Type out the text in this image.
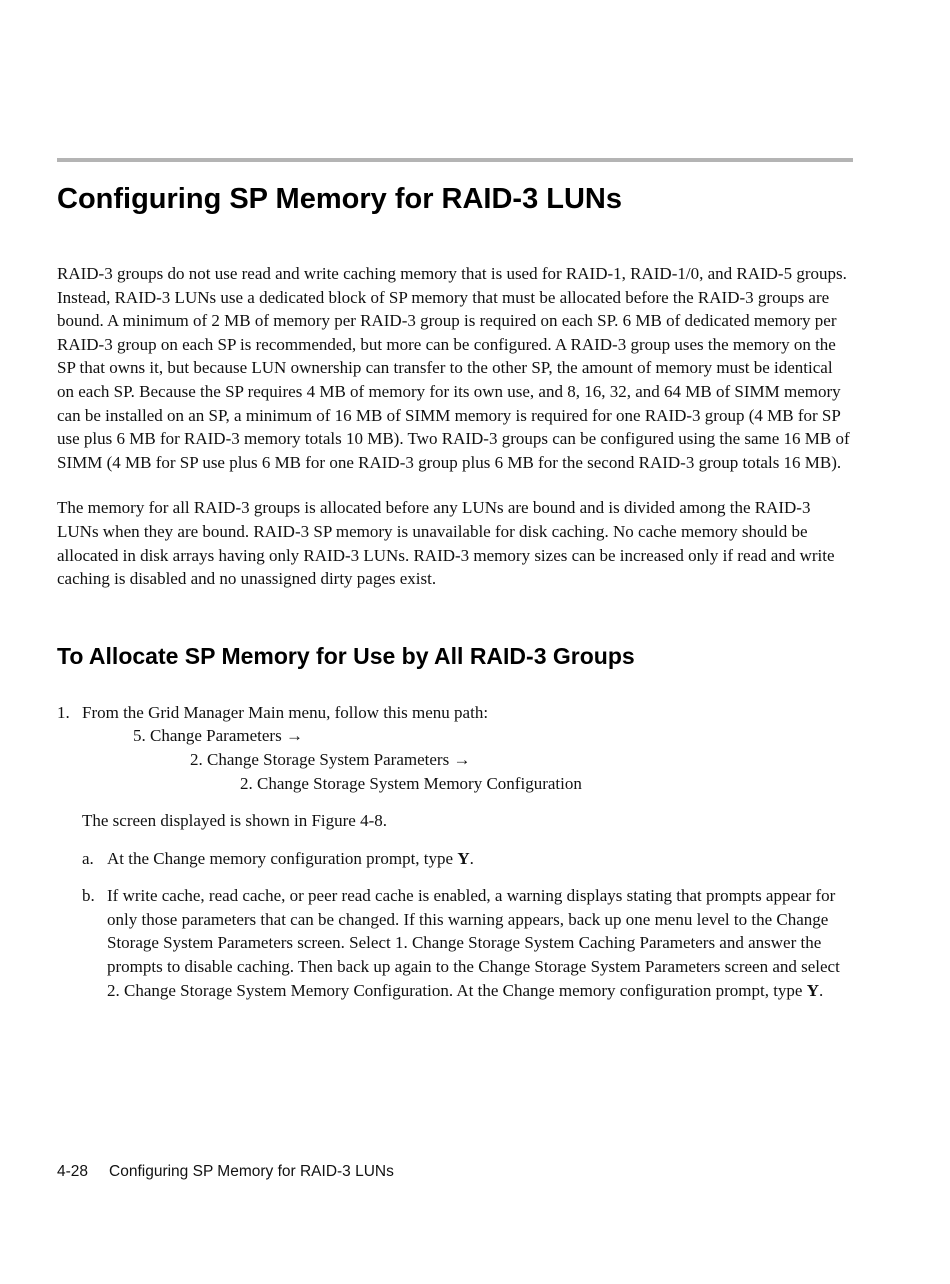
Configuring SP Memory for RAID-3 LUNs

RAID-3 groups do not use read and write caching memory that is used for RAID-1, RAID-1/0, and RAID-5 groups. Instead, RAID-3 LUNs use a dedicated block of SP memory that must be allocated before the RAID-3 groups are bound. A minimum of 2 MB of memory per RAID-3 group is required on each SP. 6 MB of dedicated memory per RAID-3 group on each SP is recommended, but more can be configured. A RAID-3 group uses the memory on the SP that owns it, but because LUN ownership can transfer to the other SP, the amount of memory must be identical on each SP. Because the SP requires 4 MB of memory for its own use, and 8, 16, 32, and 64 MB of SIMM memory can be installed on an SP, a minimum of 16 MB of SIMM memory is required for one RAID-3 group (4 MB for SP use plus 6 MB for RAID-3 memory totals 10 MB). Two RAID-3 groups can be configured using the same 16 MB of SIMM (4 MB for SP use plus 6 MB for one RAID-3 group plus 6 MB for the second RAID-3 group totals 16 MB).

The memory for all RAID-3 groups is allocated before any LUNs are bound and is divided among the RAID-3 LUNs when they are bound. RAID-3 SP memory is unavailable for disk caching. No cache memory should be allocated in disk arrays having only RAID-3 LUNs. RAID-3 memory sizes can be increased only if read and write caching is disabled and no unassigned dirty pages exist.

To Allocate SP Memory for Use by All RAID-3 Groups
1. From the Grid Manager Main menu, follow this menu path:
5. Change Parameters →
2. Change Storage System Parameters →
2. Change Storage System Memory Configuration

The screen displayed is shown in Figure 4-8.

a. At the Change memory configuration prompt, type Y.
b. If write cache, read cache, or peer read cache is enabled, a warning displays stating that prompts appear for only those parameters that can be changed. If this warning appears, back up one menu level to the Change Storage System Parameters screen. Select 1. Change Storage System Caching Parameters and answer the prompts to disable caching. Then back up again to the Change Storage System Parameters screen and select 2. Change Storage System Memory Configuration. At the Change memory configuration prompt, type Y.
4-28 Configuring SP Memory for RAID-3 LUNs
